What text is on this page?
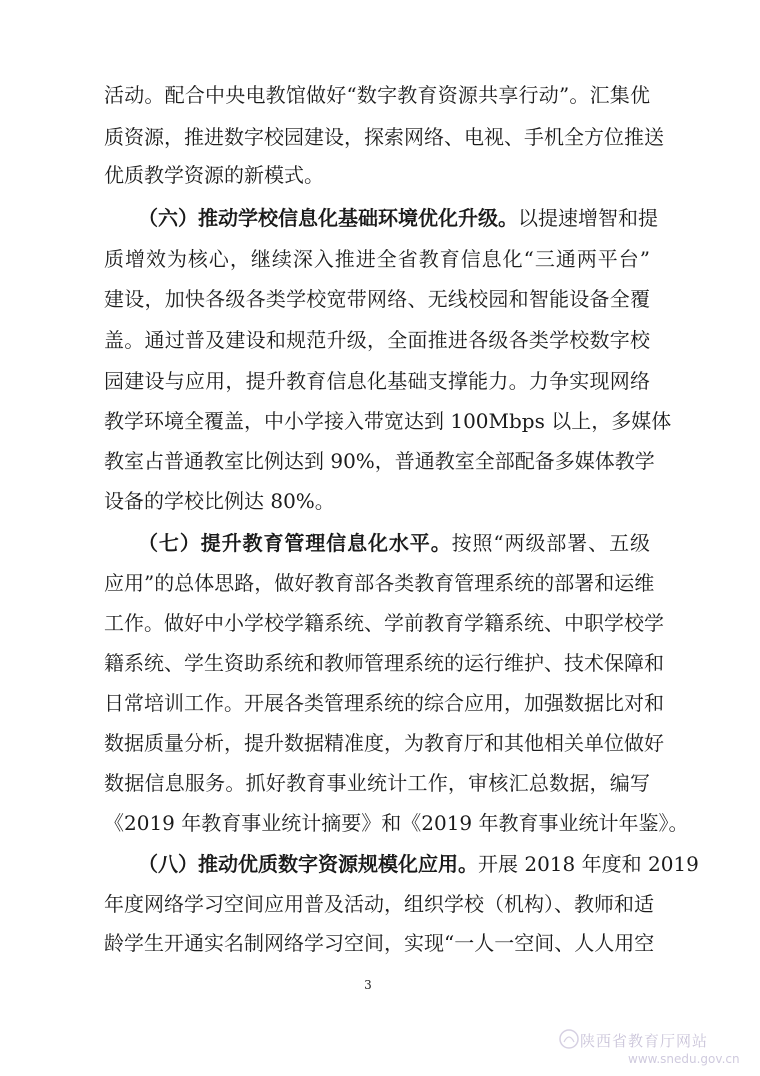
活动。配合中央电教馆做好“数字教育资源共享行动”。汇集优
质资源，推进数字校园建设，探索网络、电视、手机全方位推送
优质教学资源的新模式。
（六）推动学校信息化基础环境优化升级。以提速增智和提
质增效为核心，继续深入推进全省教育信息化“三通两平台”
建设，加快各级各类学校宽带网络、无线校园和智能设备全覆
盖。通过普及建设和规范升级，全面推进各级各类学校数字校
园建设与应用，提升教育信息化基础支撑能力。力争实现网络
教学环境全覆盖，中小学接入带宽达到 100Mbps 以上，多媒体
教室占普通教室比例达到 90%，普通教室全部配备多媒体教学
设备的学校比例达 80%。
（七）提升教育管理信息化水平。按照“两级部署、五级
应用”的总体思路，做好教育部各类教育管理系统的部署和运维
工作。做好中小学校学籍系统、学前教育学籍系统、中职学校学
籍系统、学生资助系统和教师管理系统的运行维护、技术保障和
日常培训工作。开展各类管理系统的综合应用，加强数据比对和
数据质量分析，提升数据精准度，为教育厅和其他相关单位做好
数据信息服务。抓好教育事业统计工作，审核汇总数据，编写
《2019 年教育事业统计摘要》和《2019 年教育事业统计年鉴》。
（八）推动优质数字资源规模化应用。开展 2018 年度和 2019
年度网络学习空间应用普及活动，组织学校（机构）、教师和适
龄学生开通实名制网络学习空间，实现“一人一空间、人人用空
3
陕西省教育厅网站
www.snedu.gov.cn
